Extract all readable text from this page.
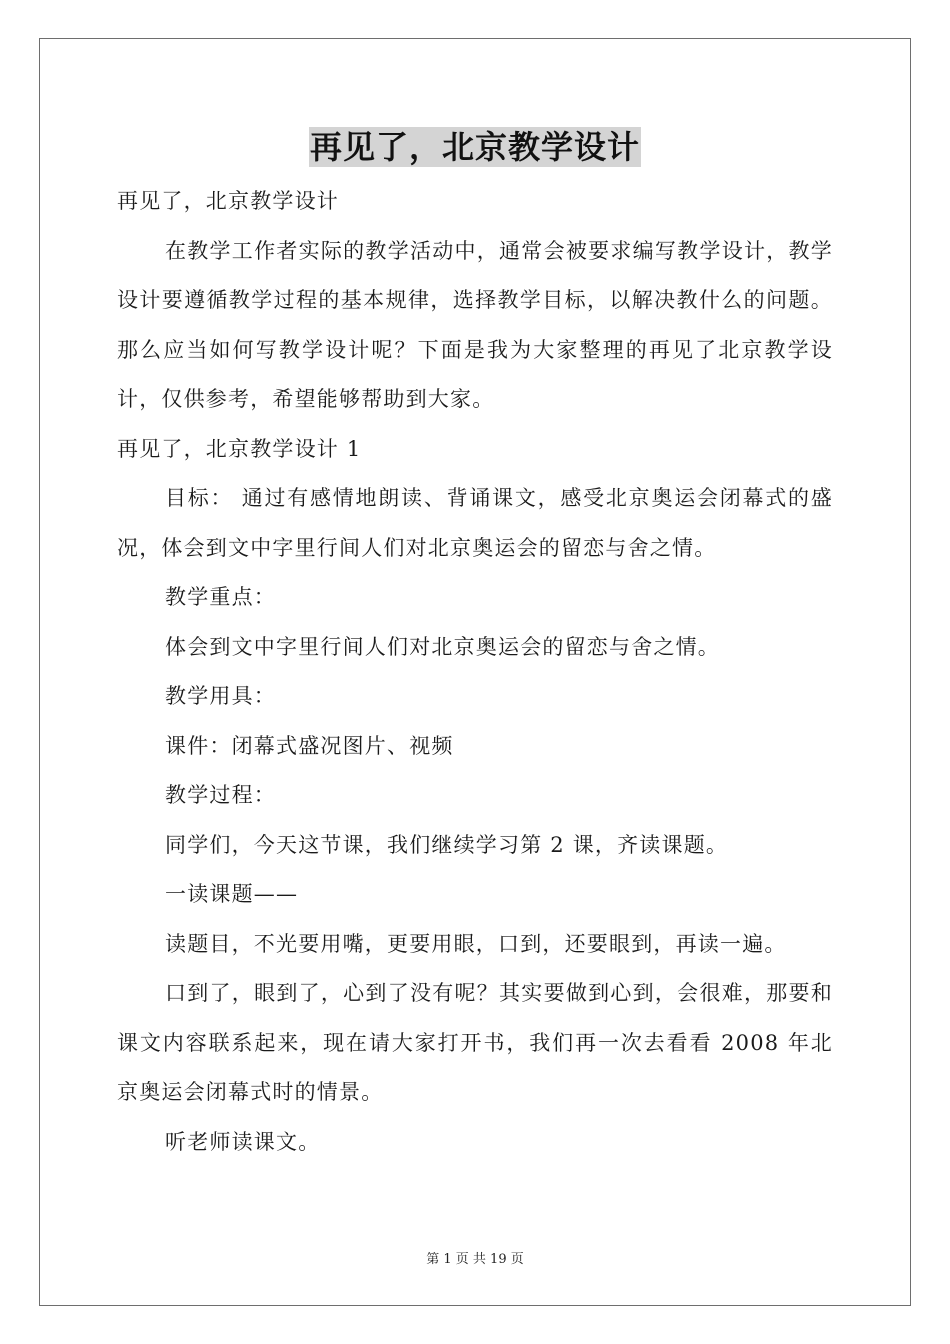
再见了，北京教学设计

再见了，北京教学设计

在教学工作者实际的教学活动中，通常会被要求编写教学设计，教学设计要遵循教学过程的基本规律，选择教学目标，以解决教什么的问题。那么应当如何写教学设计呢？下面是我为大家整理的再见了北京教学设计，仅供参考，希望能够帮助到大家。

再见了，北京教学设计 1

目标： 通过有感情地朗读、背诵课文，感受北京奥运会闭幕式的盛况，体会到文中字里行间人们对北京奥运会的留恋与舍之情。

教学重点：

体会到文中字里行间人们对北京奥运会的留恋与舍之情。

教学用具：

课件：闭幕式盛况图片、视频

教学过程：

同学们，今天这节课，我们继续学习第 2 课，齐读课题。

一读课题——

读题目，不光要用嘴，更要用眼，口到，还要眼到，再读一遍。

口到了，眼到了，心到了没有呢？其实要做到心到，会很难，那要和课文内容联系起来，现在请大家打开书，我们再一次去看看 2008 年北京奥运会闭幕式时的情景。

听老师读课文。

第 1 页 共 19 页
